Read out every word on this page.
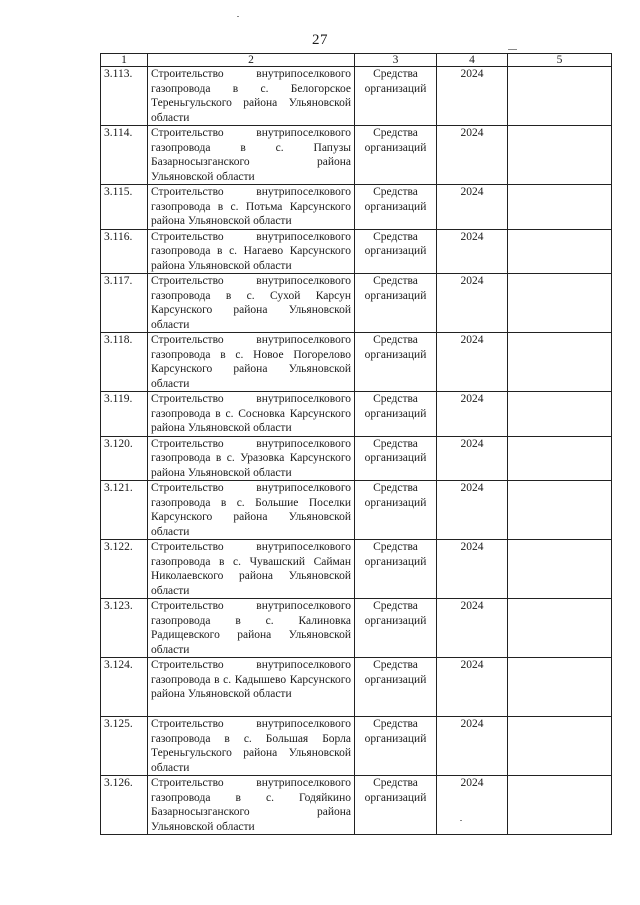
27
1	2	3	4	5
3.113.	Строительство внутрипоселкового газопровода в с. Белогорское Тереньгульского района Ульяновской области	Средства организаций	2024	
3.114.	Строительство внутрипоселкового газопровода в с. Папузы Базарносызганского района Ульяновской области	Средства организаций	2024	
3.115.	Строительство внутрипоселкового газопровода в с. Потьма Карсунского района Ульяновской области	Средства организаций	2024	
3.116.	Строительство внутрипоселкового газопровода в с. Нагаево Карсунского района Ульяновской области	Средства организаций	2024	
3.117.	Строительство внутрипоселкового газопровода в с. Сухой Карсун Карсунского района Ульяновской области	Средства организаций	2024	
3.118.	Строительство внутрипоселкового газопровода в с. Новое Погорелово Карсунского района Ульяновской области	Средства организаций	2024	
3.119.	Строительство внутрипоселкового газопровода в с. Сосновка Карсунского района Ульяновской области	Средства организаций	2024	
3.120.	Строительство внутрипоселкового газопровода в с. Уразовка Карсунского района Ульяновской области	Средства организаций	2024	
3.121.	Строительство внутрипоселкового газопровода в с. Большие Поселки Карсунского района Ульяновской области	Средства организаций	2024	
3.122.	Строительство внутрипоселкового газопровода в с. Чувашский Сайман Николаевского района Ульяновской области	Средства организаций	2024	
3.123.	Строительство внутрипоселкового газопровода в с. Калиновка Радищевского района Ульяновской области	Средства организаций	2024	
3.124.	Строительство внутрипоселкового газопровода в с. Кадышево Карсунского района Ульяновской области	Средства организаций	2024	
3.125.	Строительство внутрипоселкового газопровода в с. Большая Борла Тереньгульского района Ульяновской области	Средства организаций	2024	
3.126.	Строительство внутрипоселкового газопровода в с. Годяйкино Базарносызганского района Ульяновской области	Средства организаций	2024	
